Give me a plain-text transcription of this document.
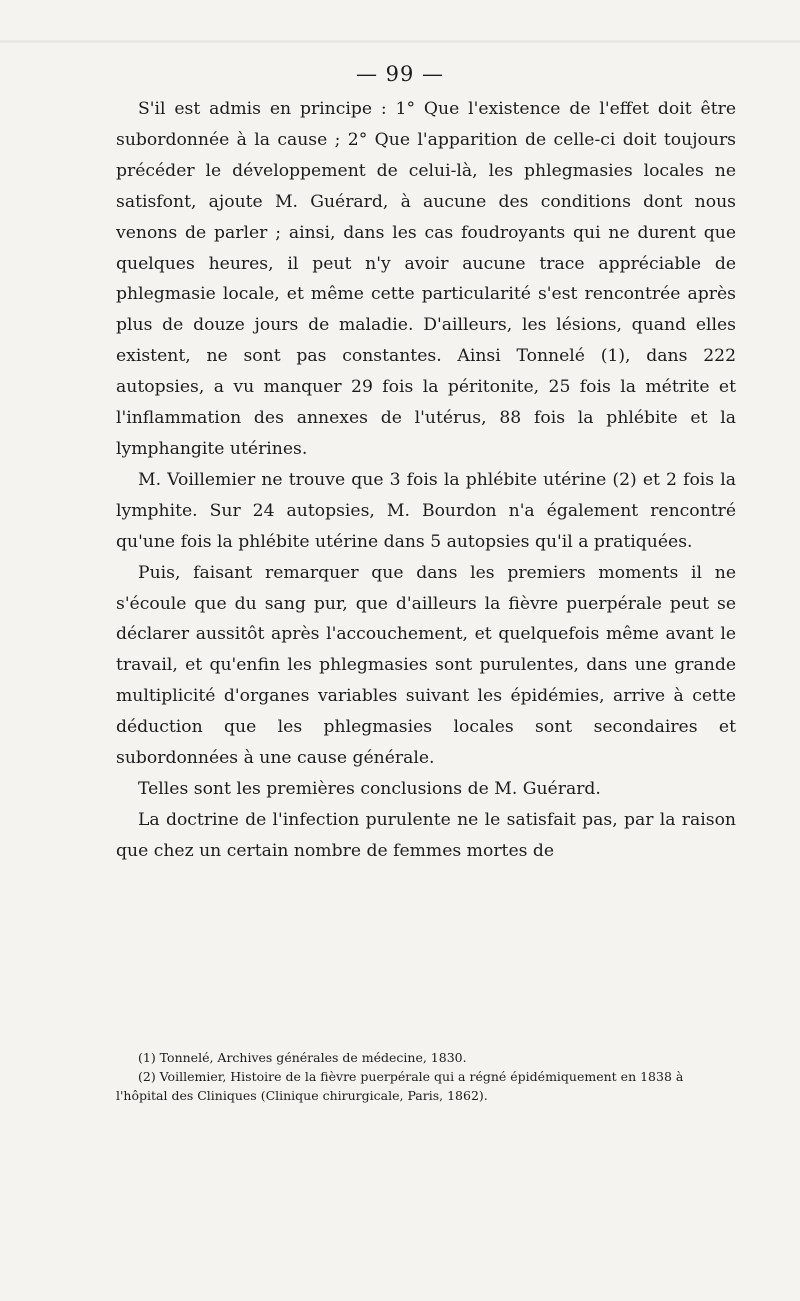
— 99 —

S'il est admis en principe : 1° Que l'existence de l'effet doit être subordonnée à la cause ; 2° Que l'apparition de celle-ci doit toujours précéder le développement de celui-là, les phlegmasies locales ne satisfont, ajoute M. Guérard, à aucune des conditions dont nous venons de parler ; ainsi, dans les cas foudroyants qui ne durent que quelques heures, il peut n'y avoir aucune trace appréciable de phlegmasie locale, et même cette particularité s'est rencontrée après plus de douze jours de maladie. D'ailleurs, les lésions, quand elles existent, ne sont pas constantes. Ainsi Tonnelé (1), dans 222 autopsies, a vu manquer 29 fois la péritonite, 25 fois la métrite et l'inflammation des annexes de l'utérus, 88 fois la phlébite et la lymphangite utérines.

M. Voillemier ne trouve que 3 fois la phlébite utérine (2) et 2 fois la lymphite. Sur 24 autopsies, M. Bourdon n'a également rencontré qu'une fois la phlébite utérine dans 5 autopsies qu'il a pratiquées.

Puis, faisant remarquer que dans les premiers moments il ne s'écoule que du sang pur, que d'ailleurs la fièvre puerpérale peut se déclarer aussitôt après l'accouchement, et quelquefois même avant le travail, et qu'enfin les phlegmasies sont purulentes, dans une grande multiplicité d'organes variables suivant les épidémies, arrive à cette déduction que les phlegmasies locales sont secondaires et subordonnées à une cause générale.

Telles sont les premières conclusions de M. Guérard.

La doctrine de l'infection purulente ne le satisfait pas, par la raison que chez un certain nombre de femmes mortes de

(1) Tonnelé, Archives générales de médecine, 1830.

(2) Voillemier, Histoire de la fièvre puerpérale qui a régné épidémiquement en 1838 à l'hôpital des Cliniques (Clinique chirurgicale, Paris, 1862).
